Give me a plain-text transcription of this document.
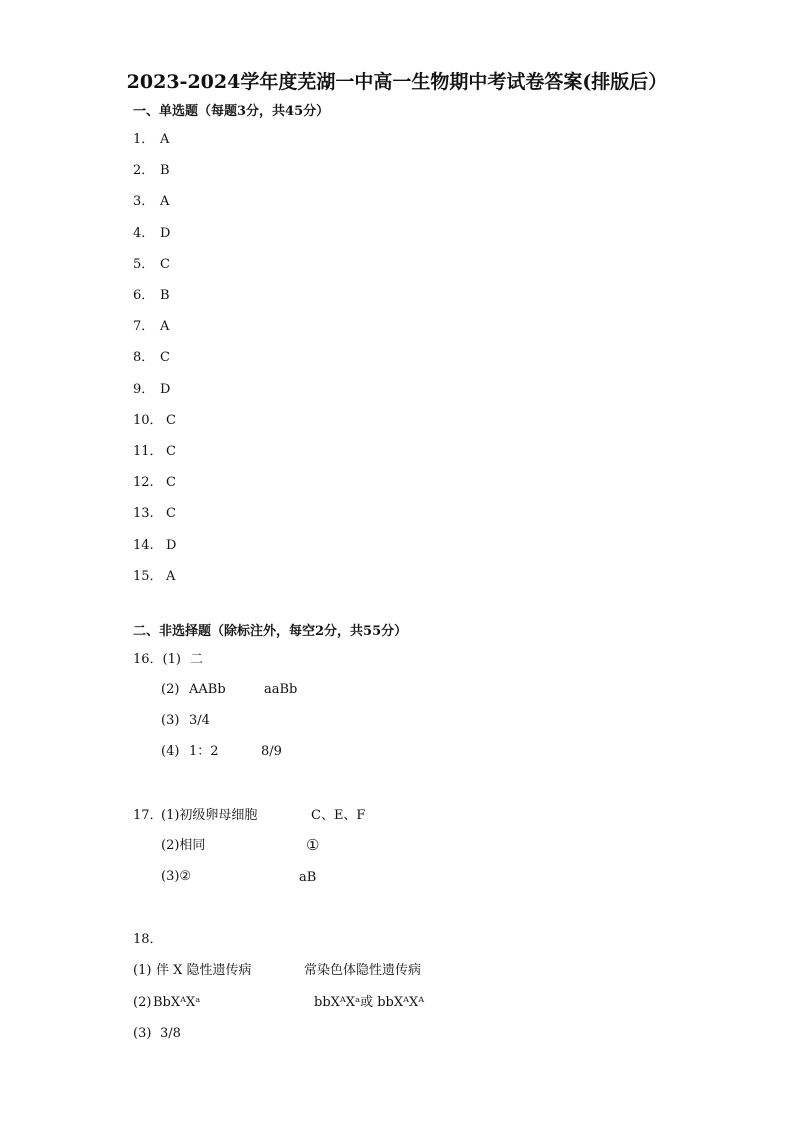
2023-2024学年度芜湖一中高一生物期中考试卷答案(排版后）
一、单选题（每题3分，共45分）
1． A
2． B
3． A
4. D
5． C
6． B
7． A
8． C
9． D
10． C
11． C
12. C
13. C
14. D
15． A
二、非选择题（除标注外，每空2分，共55分）
16．(1) 二
(2) AABb	aaBb
(3) 3/4
(4) 1：2	8/9
17．
(1)初级卵母细胞	C、E、F
(2)相同	①
(3)②	aB
18．
(1) 伴 X 隐性遗传病	常染色体隐性遗传病
(2) BbXᴬXᵃ	bbXᴬXᵃ或 bbXᴬXᴬ
(3) 3/8
